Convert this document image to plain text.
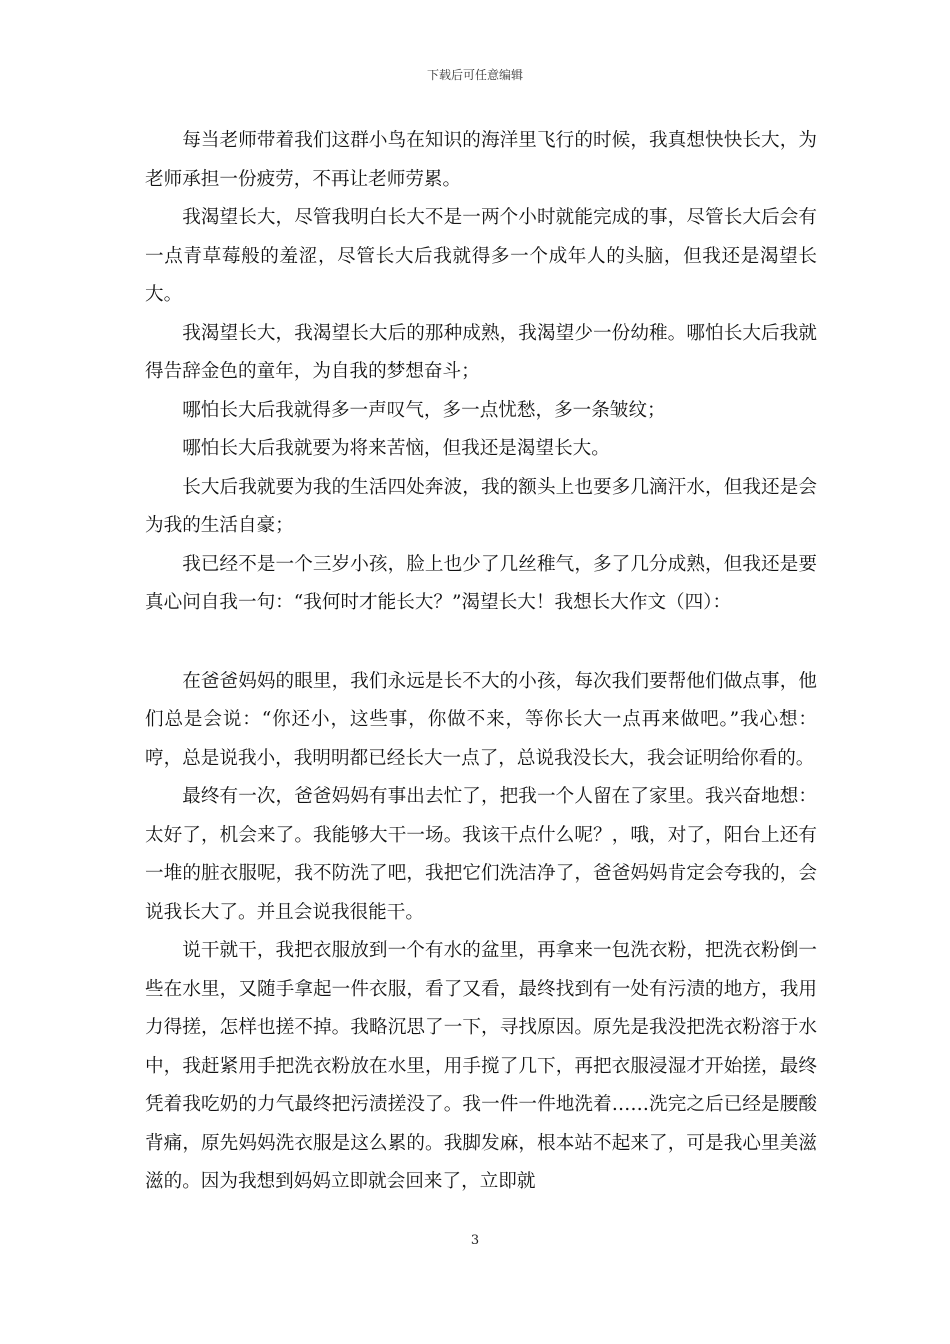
下载后可任意编辑

每当老师带着我们这群小鸟在知识的海洋里飞行的时候，我真想快快长大，为老师承担一份疲劳，不再让老师劳累。

我渴望长大，尽管我明白长大不是一两个小时就能完成的事，尽管长大后会有一点青草莓般的羞涩，尽管长大后我就得多一个成年人的头脑，但我还是渴望长大。

我渴望长大，我渴望长大后的那种成熟，我渴望少一份幼稚。哪怕长大后我就得告辞金色的童年，为自我的梦想奋斗；

哪怕长大后我就得多一声叹气，多一点忧愁，多一条皱纹；

哪怕长大后我就要为将来苦恼，但我还是渴望长大。

长大后我就要为我的生活四处奔波，我的额头上也要多几滴汗水，但我还是会为我的生活自豪；

我已经不是一个三岁小孩，脸上也少了几丝稚气，多了几分成熟，但我还是要真心问自我一句：“我何时才能长大？”渴望长大！我想长大作文（四）：

在爸爸妈妈的眼里，我们永远是长不大的小孩，每次我们要帮他们做点事，他们总是会说：“你还小，这些事，你做不来，等你长大一点再来做吧。”我心想：哼，总是说我小，我明明都已经长大一点了，总说我没长大，我会证明给你看的。

最终有一次，爸爸妈妈有事出去忙了，把我一个人留在了家里。我兴奋地想：太好了，机会来了。我能够大干一场。我该干点什么呢？，哦，对了，阳台上还有一堆的脏衣服呢，我不防洗了吧，我把它们洗洁净了，爸爸妈妈肯定会夸我的，会说我长大了。并且会说我很能干。

说干就干，我把衣服放到一个有水的盆里，再拿来一包洗衣粉，把洗衣粉倒一些在水里，又随手拿起一件衣服，看了又看，最终找到有一处有污渍的地方，我用力得搓，怎样也搓不掉。我略沉思了一下，寻找原因。原先是我没把洗衣粉溶于水中，我赶紧用手把洗衣粉放在水里，用手搅了几下，再把衣服浸湿才开始搓，最终凭着我吃奶的力气最终把污渍搓没了。我一件一件地洗着……洗完之后已经是腰酸背痛，原先妈妈洗衣服是这么累的。我脚发麻，根本站不起来了，可是我心里美滋滋的。因为我想到妈妈立即就会回来了，立即就

3
